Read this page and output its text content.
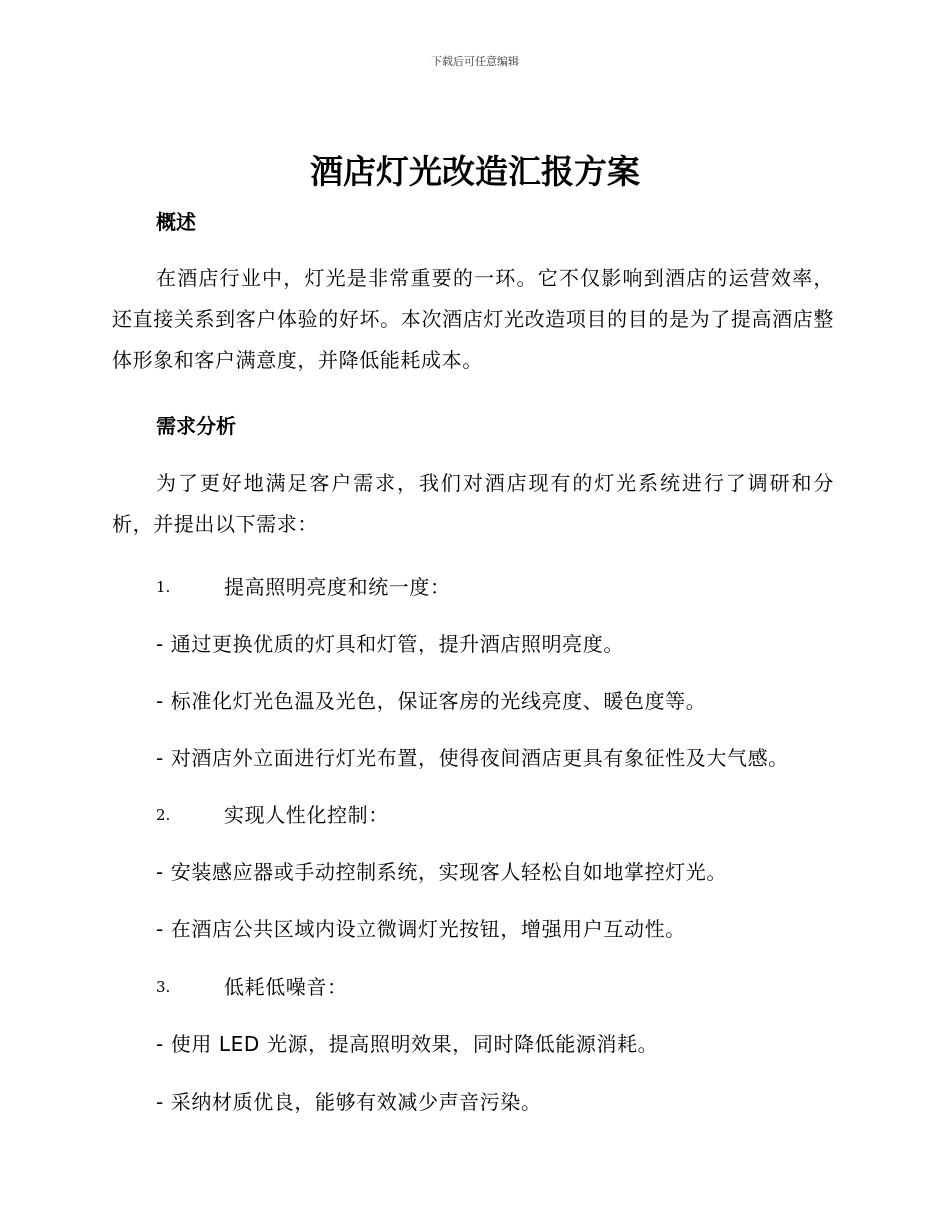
下载后可任意编辑
酒店灯光改造汇报方案
概述
在酒店行业中，灯光是非常重要的一环。它不仅影响到酒店的运营效率，还直接关系到客户体验的好坏。本次酒店灯光改造项目的目的是为了提高酒店整体形象和客户满意度，并降低能耗成本。
需求分析
为了更好地满足客户需求，我们对酒店现有的灯光系统进行了调研和分析，并提出以下需求：
1.	提高照明亮度和统一度：
- 通过更换优质的灯具和灯管，提升酒店照明亮度。
- 标准化灯光色温及光色，保证客房的光线亮度、暖色度等。
- 对酒店外立面进行灯光布置，使得夜间酒店更具有象征性及大气感。
2.	实现人性化控制：
- 安装感应器或手动控制系统，实现客人轻松自如地掌控灯光。
- 在酒店公共区域内设立微调灯光按钮，增强用户互动性。
3.	低耗低噪音：
- 使用 LED 光源，提高照明效果，同时降低能源消耗。
- 采纳材质优良，能够有效减少声音污染。
